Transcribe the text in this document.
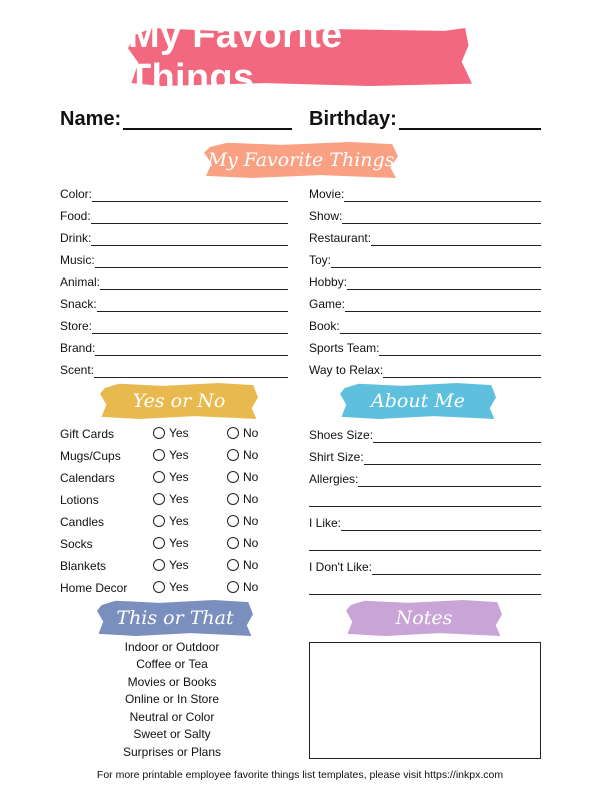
My Favorite Things
Name:	Birthday:
My Favorite Things
Color:
Food:
Drink:
Music:
Animal:
Snack:
Store:
Brand:
Scent:
Movie:
Show:
Restaurant:
Toy:
Hobby:
Game:
Book:
Sports Team:
Way to Relax:
Yes or No
Gift Cards	Yes	No
Mugs/Cups	Yes	No
Calendars	Yes	No
Lotions	Yes	No
Candles	Yes	No
Socks	Yes	No
Blankets	Yes	No
Home Decor	Yes	No
About Me
Shoes Size:
Shirt Size:
Allergies:
I Like:
I Don't Like:
This or That
Indoor or Outdoor
Coffee or Tea
Movies or Books
Online or In Store
Neutral or Color
Sweet or Salty
Surprises or Plans
Notes
For more printable employee favorite things list templates, please visit https://inkpx.com
